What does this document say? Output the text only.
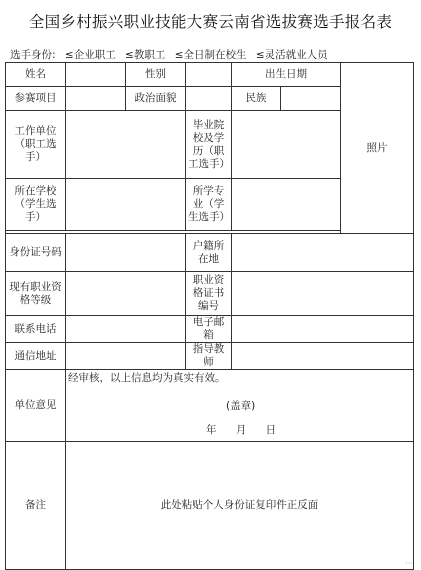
全国乡村振兴职业技能大赛云南省选拔赛选手报名表
选手身份: ≤企业职工 ≤教职工 ≤全日制在校生 ≤灵活就业人员
姓名		性别		出生日期		照片
参赛项目		政治面貌		民族		
工作单位（职工选手）			毕业院校及学历（职工选手）			
所在学校（学生选手）			所学专业（学生选手）			

身份证号码			户籍所在地			
现有职业资格等级			职业资格证书编号			
联系电话			电子邮箱			
通信地址			指导教师			
单位意见	经审核，以上信息均为真实有效。
(盖章)
年 月 日					

备注	此处粘贴个人身份证复印件正反面					
···
